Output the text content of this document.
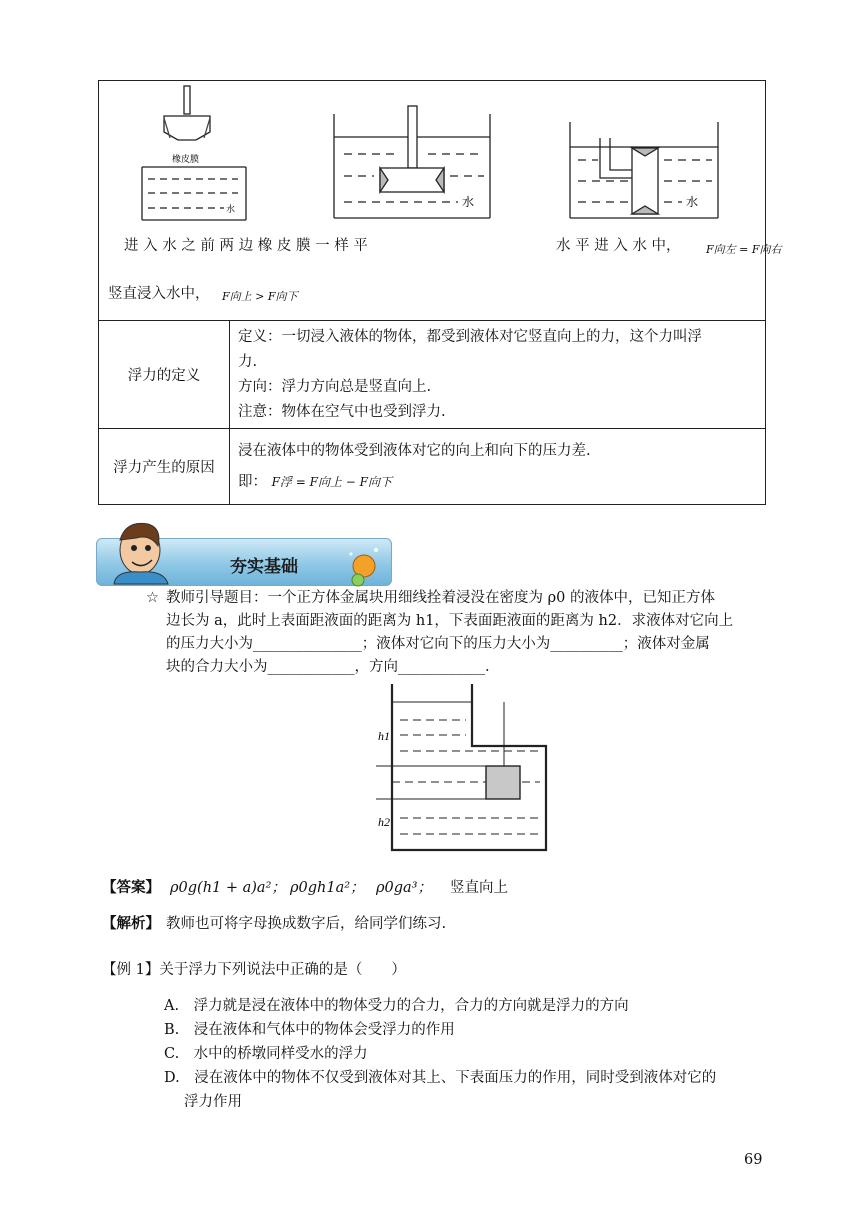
浮力的定义	定义：一切浸入液体的物体，都受到液体对它竖直向上的力，这个力叫浮
力.
方向：浮力方向总是竖直向上.
注意：物体在空气中也受到浮力.

浮力产生的原因	浸在液体中的物体受到液体对它的向上和向下的压力差.
即： F浮 = F向上 − F向下
橡皮膜
水	水	水
进 入 水 之 前 两 边 橡 皮 膜 一 样 平	水 平 进 入 水 中， F向左 = F向右
竖直浸入水中， F向上 > F向下
夯实基础
☆ 教师引导题目：一个正方体金属块用细线拴着浸没在密度为 ρ0 的液体中，已知正方体
边长为 a，此时上表面距液面的距离为 h1，下表面距液面的距离为 h2．求液体对它向上
的压力大小为_______________；液体对它向下的压力大小为__________；液体对金属
块的合力大小为____________，方向____________.
h1
h2
【答案】 ρ0g(h1 + a)a²； ρ0gh1a²； ρ0ga³； 竖直向上
【解析】 教师也可将字母换成数字后，给同学们练习.
【例 1】关于浮力下列说法中正确的是（　　）
A.　浮力就是浸在液体中的物体受力的合力，合力的方向就是浮力的方向
B.　浸在液体和气体中的物体会受浮力的作用
C.　水中的桥墩同样受水的浮力
D.　浸在液体中的物体不仅受到液体对其上、下表面压力的作用，同时受到液体对它的
浮力作用
69
